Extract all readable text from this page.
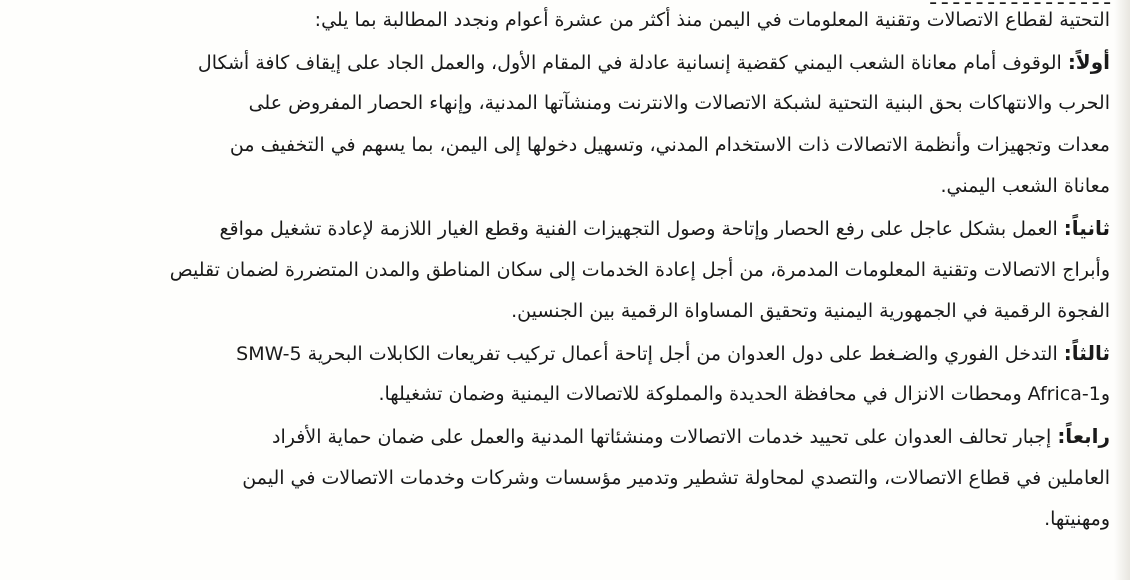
التحتية لقطاع الاتصالات وتقنية المعلومات في اليمن منذ أكثر من عشرة أعوام ونجدد المطالبة بما يلي:
أولاً: الوقوف أمام معاناة الشعب اليمني كقضية إنسانية عادلة في المقام الأول، والعمل الجاد على إيقاف كافة أشكال
الحرب والانتهاكات بحق البنية التحتية لشبكة الاتصالات والانترنت ومنشآتها المدنية، وإنهاء الحصار المفروض على
معدات وتجهيزات وأنظمة الاتصالات ذات الاستخدام المدني، وتسهيل دخولها إلى اليمن، بما يسهم في التخفيف من
معاناة الشعب اليمني.
ثانياً: العمل بشكل عاجل على رفع الحصار وإتاحة وصول التجهيزات الفنية وقطع الغيار اللازمة لإعادة تشغيل مواقع
وأبراج الاتصالات وتقنية المعلومات المدمرة، من أجل إعادة الخدمات إلى سكان المناطق والمدن المتضررة لضمان تقليص
الفجوة الرقمية في الجمهورية اليمنية وتحقيق المساواة الرقمية بين الجنسين.
ثالثاً: التدخل الفوري والضـغط على دول العدوان من أجل إتاحة أعمال تركيب تفريعات الكابلات البحرية SMW-5
وAfrica-1 ومحطات الانزال في محافظة الحديدة والمملوكة للاتصالات اليمنية وضمان تشغيلها.
رابعاً: إجبار تحالف العدوان على تحييد خدمات الاتصالات ومنشئاتها المدنية والعمل على ضمان حماية الأفراد
العاملين في قطاع الاتصالات، والتصدي لمحاولة تشطير وتدمير مؤسسات وشركات وخدمات الاتصالات في اليمن
ومهنيتها.
